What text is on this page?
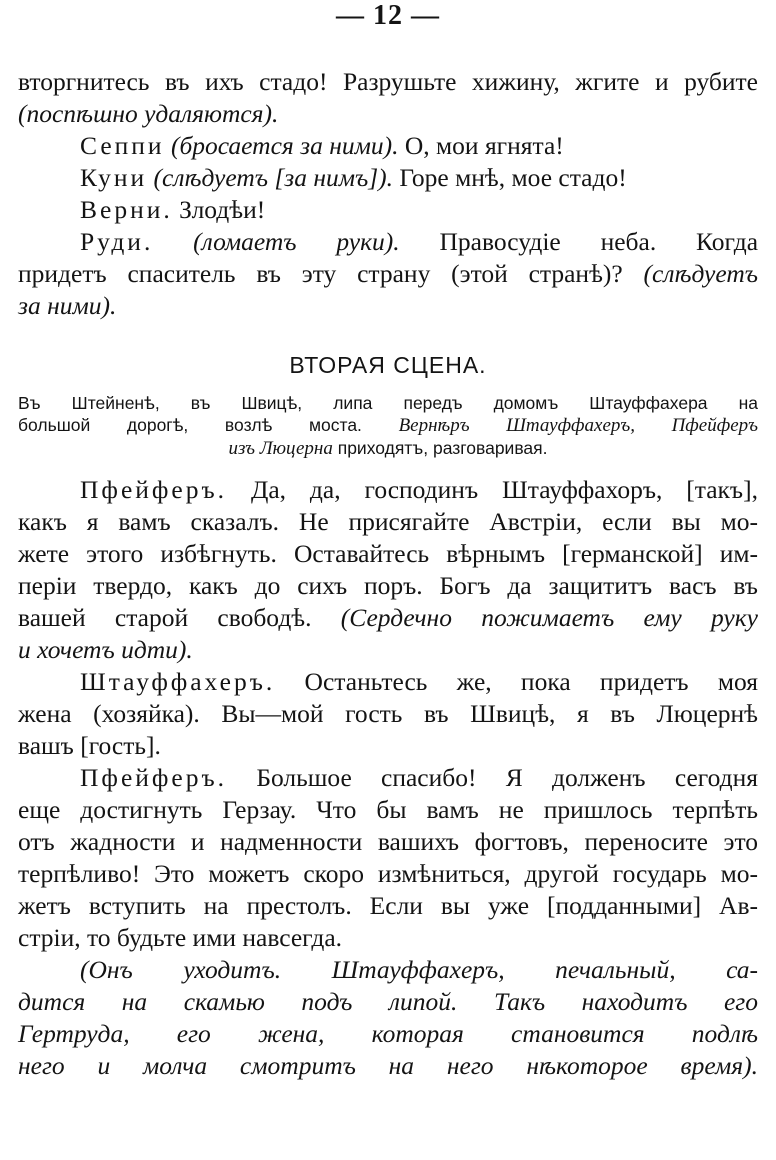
— 12 —
вторгнитесь въ ихъ стадо! Разрушьте хижину, жгите и рубите
(поспѣшно удаляются).
Сеппи (бросается за ними). О, мои ягнята!
Куни (слѣдуетъ [за нимъ]). Горе мнѣ, мое стадо!
Верни. Злодѣи!
Руди. (ломаетъ руки). Правосудіе неба. Когда
придетъ спаситель въ эту страну (этой странѣ)? (слѣдуетъ
за ними).
ВТОРАЯ СЦЕНА.
Въ Штейненѣ, въ Швицѣ, липа передъ домомъ Штауффахера на
большой дорогѣ, возлѣ моста. Вернѣръ Штауффахеръ, Пфейферъ
изъ Люцерна приходятъ, разговаривая.
Пфейферъ. Да, да, господинъ Штауффахоръ, [такъ],
какъ я вамъ сказалъ. Не присягайте Австріи, если вы мо-
жете этого избѣгнуть. Оставайтесь вѣрнымъ [германской] им-
періи твердо, какъ до сихъ поръ. Богъ да защититъ васъ въ
вашей старой свободѣ. (Сердечно пожимаетъ ему руку
и хочетъ идти).
Штауффахеръ. Останьтесь же, пока придетъ моя
жена (хозяйка). Вы—мой гость въ Швицѣ, я въ Люцернѣ
вашъ [гость].
Пфейферъ. Большое спасибо! Я долженъ сегодня
еще достигнуть Герзау. Что бы вамъ не пришлось терпѣть
отъ жадности и надменности вашихъ фогтовъ, переносите это
терпѣливо! Это можетъ скоро измѣниться, другой государь мо-
жетъ вступить на престолъ. Если вы уже [подданными] Ав-
стріи, то будьте ими навсегда.
(Онъ уходитъ. Штауффахеръ, печальный, са-
дится на скамью подъ липой. Такъ находитъ его
Гертруда, его жена, которая становится подлѣ
него и молча смотритъ на него нѣкоторое время).
